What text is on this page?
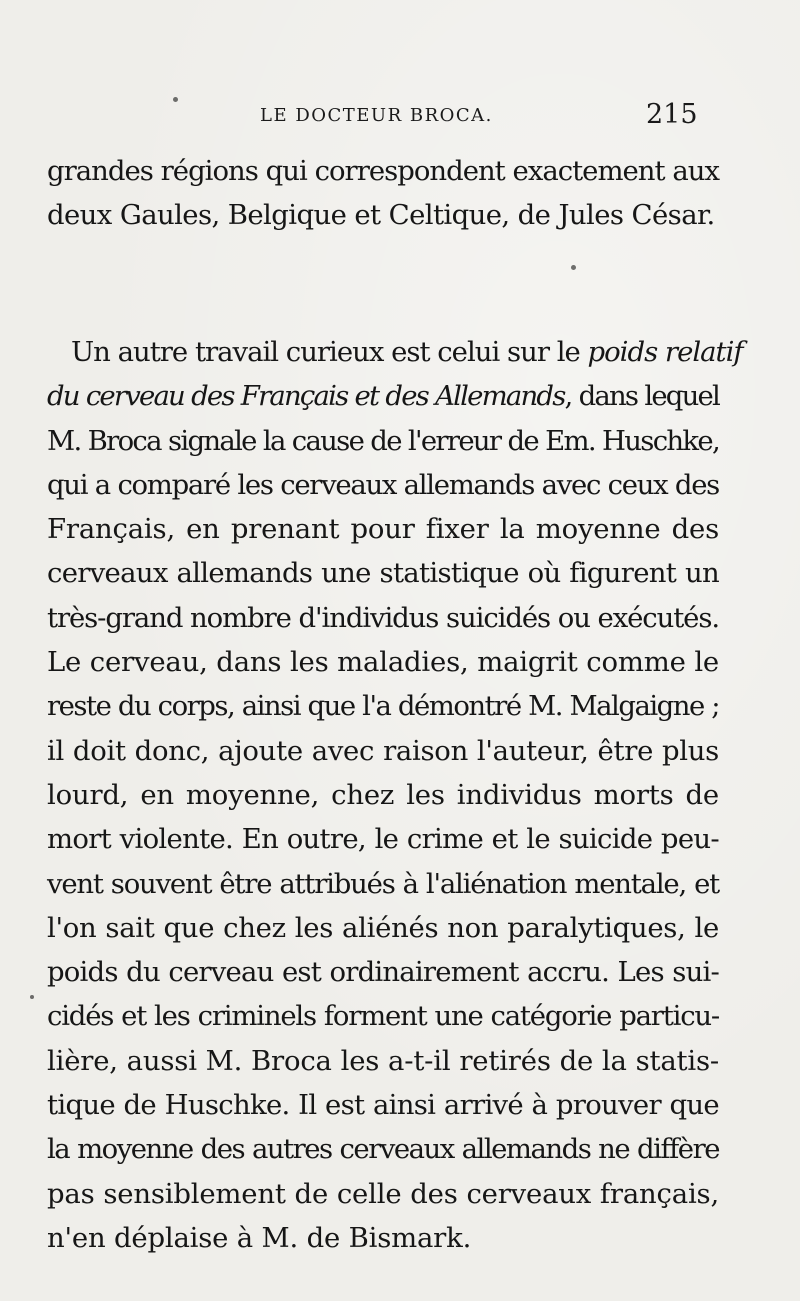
LE DOCTEUR BROCA.	215
grandes régions qui correspondent exactement aux
deux Gaules, Belgique et Celtique, de Jules César.
Un autre travail curieux est celui sur le poids relatif
du cerveau des Français et des Allemands, dans lequel
M. Broca signale la cause de l'erreur de Em. Huschke,
qui a comparé les cerveaux allemands avec ceux des
Français, en prenant pour fixer la moyenne des
cerveaux allemands une statistique où figurent un
très-grand nombre d'individus suicidés ou exécutés.
Le cerveau, dans les maladies, maigrit comme le
reste du corps, ainsi que l'a démontré M. Malgaigne ;
il doit donc, ajoute avec raison l'auteur, être plus
lourd, en moyenne, chez les individus morts de
mort violente. En outre, le crime et le suicide peu-
vent souvent être attribués à l'aliénation mentale, et
l'on sait que chez les aliénés non paralytiques, le
poids du cerveau est ordinairement accru. Les sui-
cidés et les criminels forment une catégorie particu-
lière, aussi M. Broca les a-t-il retirés de la statis-
tique de Huschke. Il est ainsi arrivé à prouver que
la moyenne des autres cerveaux allemands ne diffère
pas sensiblement de celle des cerveaux français,
n'en déplaise à M. de Bismark.
